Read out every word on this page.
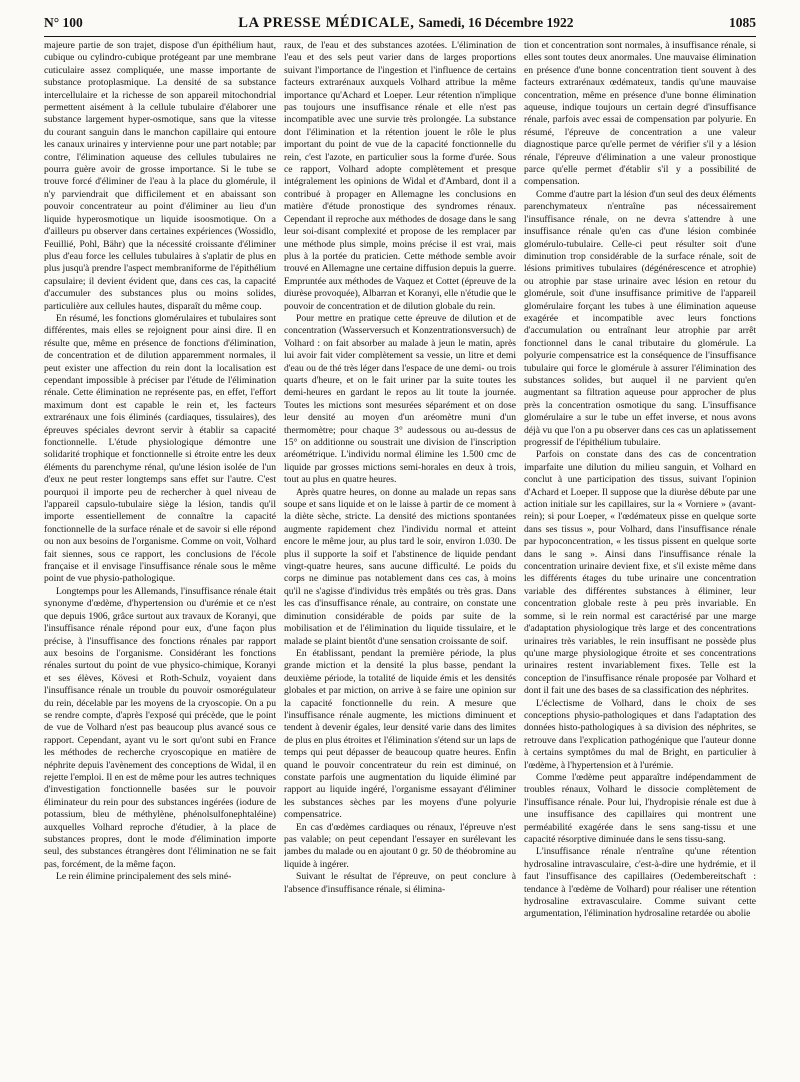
N° 100	LA PRESSE MÉDICALE, Samedi, 16 Décembre 1922	1085

majeure partie de son trajet, dispose d'un épithélium haut, cubique ou cylindro-cubique protégeant par une membrane cuticulaire assez compliquée, une masse importante de substance protoplasmique. La densité de sa substance intercellulaire et la richesse de son appareil mitochondrial permettent aisément à la cellule tubulaire d'élaborer une substance largement hyper-osmotique, sans que la vitesse du courant sanguin dans le manchon capillaire qui entoure les canaux urinaires y intervienne pour une part notable; par contre, l'élimination aqueuse des cellules tubulaires ne pourra guère avoir de grosse importance. Si le tube se trouve forcé d'éliminer de l'eau à la place du glomérule, il n'y parviendrait que difficilement et en abaissant son pouvoir concentrateur au point d'éliminer au lieu d'un liquide hyperosmotique un liquide isoosmotique. On a d'ailleurs pu observer dans certaines expériences (Wossidlo, Feuillié, Pohl, Bähr) que la nécessité croissante d'éliminer plus d'eau force les cellules tubulaires à s'aplatir de plus en plus jusqu'à prendre l'aspect membraniforme de l'épithélium capsulaire; il devient évident que, dans ces cas, la capacité d'accumuler des substances plus ou moins solides, particulière aux cellules hautes, disparaît du même coup.

En résumé, les fonctions glomérulaires et tubulaires sont différentes, mais elles se rejoignent pour ainsi dire. Il en résulte que, même en présence de fonctions d'élimination, de concentration et de dilution apparemment normales, il peut exister une affection du rein dont la localisation est cependant impossible à préciser par l'étude de l'élimination rénale. Cette élimination ne représente pas, en effet, l'effort maximum dont est capable le rein et, les facteurs extrarénaux une fois éliminés (cardiaques, tissulaires), des épreuves spéciales devront servir à établir sa capacité fonctionnelle. L'étude physiologique démontre une solidarité trophique et fonctionnelle si étroite entre les deux éléments du parenchyme rénal, qu'une lésion isolée de l'un d'eux ne peut rester longtemps sans effet sur l'autre. C'est pourquoi il importe peu de rechercher à quel niveau de l'appareil capsulo-tubulaire siège la lésion, tandis qu'il importe essentiellement de connaître la capacité fonctionnelle de la surface rénale et de savoir si elle répond ou non aux besoins de l'organisme. Comme on voit, Volhard fait siennes, sous ce rapport, les conclusions de l'école française et il envisage l'insuffisance rénale sous le même point de vue physio-pathologique.

Longtemps pour les Allemands, l'insuffisance rénale était synonyme d'œdème, d'hypertension ou d'urémie et ce n'est que depuis 1906, grâce surtout aux travaux de Koranyi, que l'insuffisance rénale répond pour eux, d'une façon plus précise, à l'insuffisance des fonctions rénales par rapport aux besoins de l'organisme. Considérant les fonctions rénales surtout du point de vue physico-chimique, Koranyi et ses élèves, Kövesi et Roth-Schulz, voyaient dans l'insuffisance rénale un trouble du pouvoir osmorégulateur du rein, décelable par les moyens de la cryoscopie. On a pu se rendre compte, d'après l'exposé qui précède, que le point de vue de Volhard n'est pas beaucoup plus avancé sous ce rapport. Cependant, ayant vu le sort qu'ont subi en France les méthodes de recherche cryoscopique en matière de néphrite depuis l'avènement des conceptions de Widal, il en rejette l'emploi. Il en est de même pour les autres techniques d'investigation fonctionnelle basées sur le pouvoir éliminateur du rein pour des substances ingérées (iodure de potassium, bleu de méthylène, phénolsulfonephtaléine) auxquelles Volhard reproche d'étudier, à la place de substances propres, dont le mode d'élimination importe seul, des substances étrangères dont l'élimination ne se fait pas, forcément, de la même façon.

Le rein élimine principalement des sels miné-

raux, de l'eau et des substances azotées. L'élimination de l'eau et des sels peut varier dans de larges proportions suivant l'importance de l'ingestion et l'influence de certains facteurs extrarénaux auxquels Volhard attribue la même importance qu'Achard et Loeper. Leur rétention n'implique pas toujours une insuffisance rénale et elle n'est pas incompatible avec une survie très prolongée. La substance dont l'élimination et la rétention jouent le rôle le plus important du point de vue de la capacité fonctionnelle du rein, c'est l'azote, en particulier sous la forme d'urée. Sous ce rapport, Volhard adopte complètement et presque intégralement les opinions de Widal et d'Ambard, dont il a contribué à propager en Allemagne les conclusions en matière d'étude pronostique des syndromes rénaux. Cependant il reproche aux méthodes de dosage dans le sang leur soi-disant complexité et propose de les remplacer par une méthode plus simple, moins précise il est vrai, mais plus à la portée du praticien. Cette méthode semble avoir trouvé en Allemagne une certaine diffusion depuis la guerre. Empruntée aux méthodes de Vaquez et Cottet (épreuve de la diurèse provoquée), Albarran et Koranyi, elle n'étudie que le pouvoir de concentration et de dilution globale du rein.

Pour mettre en pratique cette épreuve de dilution et de concentration (Wasserversuch et Konzentrationsversuch) de Volhard : on fait absorber au malade à jeun le matin, après lui avoir fait vider complètement sa vessie, un litre et demi d'eau ou de thé très léger dans l'espace de une demi- ou trois quarts d'heure, et on le fait uriner par la suite toutes les demi-heures en gardant le repos au lit toute la journée. Toutes les mictions sont mesurées séparément et on dose leur densité au moyen d'un aréomètre muni d'un thermomètre; pour chaque 3° audessous ou au-dessus de 15° on additionne ou soustrait une division de l'inscription aréométrique. L'individu normal élimine les 1.500 cmc de liquide par grosses mictions semi-horales en deux à trois, tout au plus en quatre heures.

Après quatre heures, on donne au malade un repas sans soupe et sans liquide et on le laisse à partir de ce moment à la diète sèche, stricte. La densité des mictions spontanées augmente rapidement chez l'individu normal et atteint encore le même jour, au plus tard le soir, environ 1.030. De plus il supporte la soif et l'abstinence de liquide pendant vingt-quatre heures, sans aucune difficulté. Le poids du corps ne diminue pas notablement dans ces cas, à moins qu'il ne s'agisse d'individus très empâtés ou très gras. Dans les cas d'insuffisance rénale, au contraire, on constate une diminution considérable de poids par suite de la mobilisation et de l'élimination du liquide tissulaire, et le malade se plaint bientôt d'une sensation croissante de soif.

En établissant, pendant la première période, la plus grande miction et la densité la plus basse, pendant la deuxième période, la totalité de liquide émis et les densités globales et par miction, on arrive à se faire une opinion sur la capacité fonctionnelle du rein. A mesure que l'insuffisance rénale augmente, les mictions diminuent et tendent à devenir égales, leur densité varie dans des limites de plus en plus étroites et l'élimination s'étend sur un laps de temps qui peut dépasser de beaucoup quatre heures. Enfin quand le pouvoir concentrateur du rein est diminué, on constate parfois une augmentation du liquide éliminé par rapport au liquide ingéré, l'organisme essayant d'éliminer les substances sèches par les moyens d'une polyurie compensatrice.

En cas d'œdèmes cardiaques ou rénaux, l'épreuve n'est pas valable; on peut cependant l'essayer en surélevant les jambes du malade ou en ajoutant 0 gr. 50 de théobromine au liquide à ingérer.

Suivant le résultat de l'épreuve, on peut conclure à l'absence d'insuffisance rénale, si élimina-

tion et concentration sont normales, à insuffisance rénale, si elles sont toutes deux anormales. Une mauvaise élimination en présence d'une bonne concentration tient souvent à des facteurs extrarénaux œdémateux, tandis qu'une mauvaise concentration, même en présence d'une bonne élimination aqueuse, indique toujours un certain degré d'insuffisance rénale, parfois avec essai de compensation par polyurie. En résumé, l'épreuve de concentration a une valeur diagnostique parce qu'elle permet de vérifier s'il y a lésion rénale, l'épreuve d'élimination a une valeur pronostique parce qu'elle permet d'établir s'il y a possibilité de compensation.

Comme d'autre part la lésion d'un seul des deux éléments parenchymateux n'entraîne pas nécessairement l'insuffisance rénale, on ne devra s'attendre à une insuffisance rénale qu'en cas d'une lésion combinée glomérulo-tubulaire. Celle-ci peut résulter soit d'une diminution trop considérable de la surface rénale, soit de lésions primitives tubulaires (dégénérescence et atrophie) ou atrophie par stase urinaire avec lésion en retour du glomérule, soit d'une insuffisance primitive de l'appareil glomérulaire forçant les tubes à une élimination aqueuse exagérée et incompatible avec leurs fonctions d'accumulation ou entraînant leur atrophie par arrêt fonctionnel dans le canal tributaire du glomérule. La polyurie compensatrice est la conséquence de l'insuffisance tubulaire qui force le glomérule à assurer l'élimination des substances solides, but auquel il ne parvient qu'en augmentant sa filtration aqueuse pour approcher de plus près la concentration osmotique du sang. L'insuffisance glomérulaire a sur le tube un effet inverse, et nous avons déjà vu que l'on a pu observer dans ces cas un aplatissement progressif de l'épithélium tubulaire.

Parfois on constate dans des cas de concentration imparfaite une dilution du milieu sanguin, et Volhard en conclut à une participation des tissus, suivant l'opinion d'Achard et Loeper. Il suppose que la diurèse débute par une action initiale sur les capillaires, sur la « Vorniere » (avant-rein); si pour Loeper, « l'œdémateux pisse en quelque sorte dans ses tissus », pour Volhard, dans l'insuffisance rénale par hypoconcentration, « les tissus pissent en quelque sorte dans le sang ». Ainsi dans l'insuffisance rénale la concentration urinaire devient fixe, et s'il existe même dans les différents étages du tube urinaire une concentration variable des différentes substances à éliminer, leur concentration globale reste à peu près invariable. En somme, si le rein normal est caractérisé par une marge d'adaptation physiologique très large et des concentrations urinaires très variables, le rein insuffisant ne possède plus qu'une marge physiologique étroite et ses concentrations urinaires restent invariablement fixes. Telle est la conception de l'insuffisance rénale proposée par Volhard et dont il fait une des bases de sa classification des néphrites.

L'éclectisme de Volhard, dans le choix de ses conceptions physio-pathologiques et dans l'adaptation des données histo-pathologiques à sa division des néphrites, se retrouve dans l'explication pathogénique que l'auteur donne à certains symptômes du mal de Bright, en particulier à l'œdème, à l'hypertension et à l'urémie.

Comme l'œdème peut apparaître indépendamment de troubles rénaux, Volhard le dissocie complètement de l'insuffisance rénale. Pour lui, l'hydropisie rénale est due à une insuffisance des capillaires qui montrent une perméabilité exagérée dans le sens sang-tissu et une capacité résorptive diminuée dans le sens tissu-sang.

L'insuffisance rénale n'entraîne qu'une rétention hydrosaline intravasculaire, c'est-à-dire une hydrémie, et il faut l'insuffisance des capillaires (Oedembereitschaft : tendance à l'œdème de Volhard) pour réaliser une rétention hydrosaline extravasculaire. Comme suivant cette argumentation, l'élimination hydrosaline retardée ou abolie
